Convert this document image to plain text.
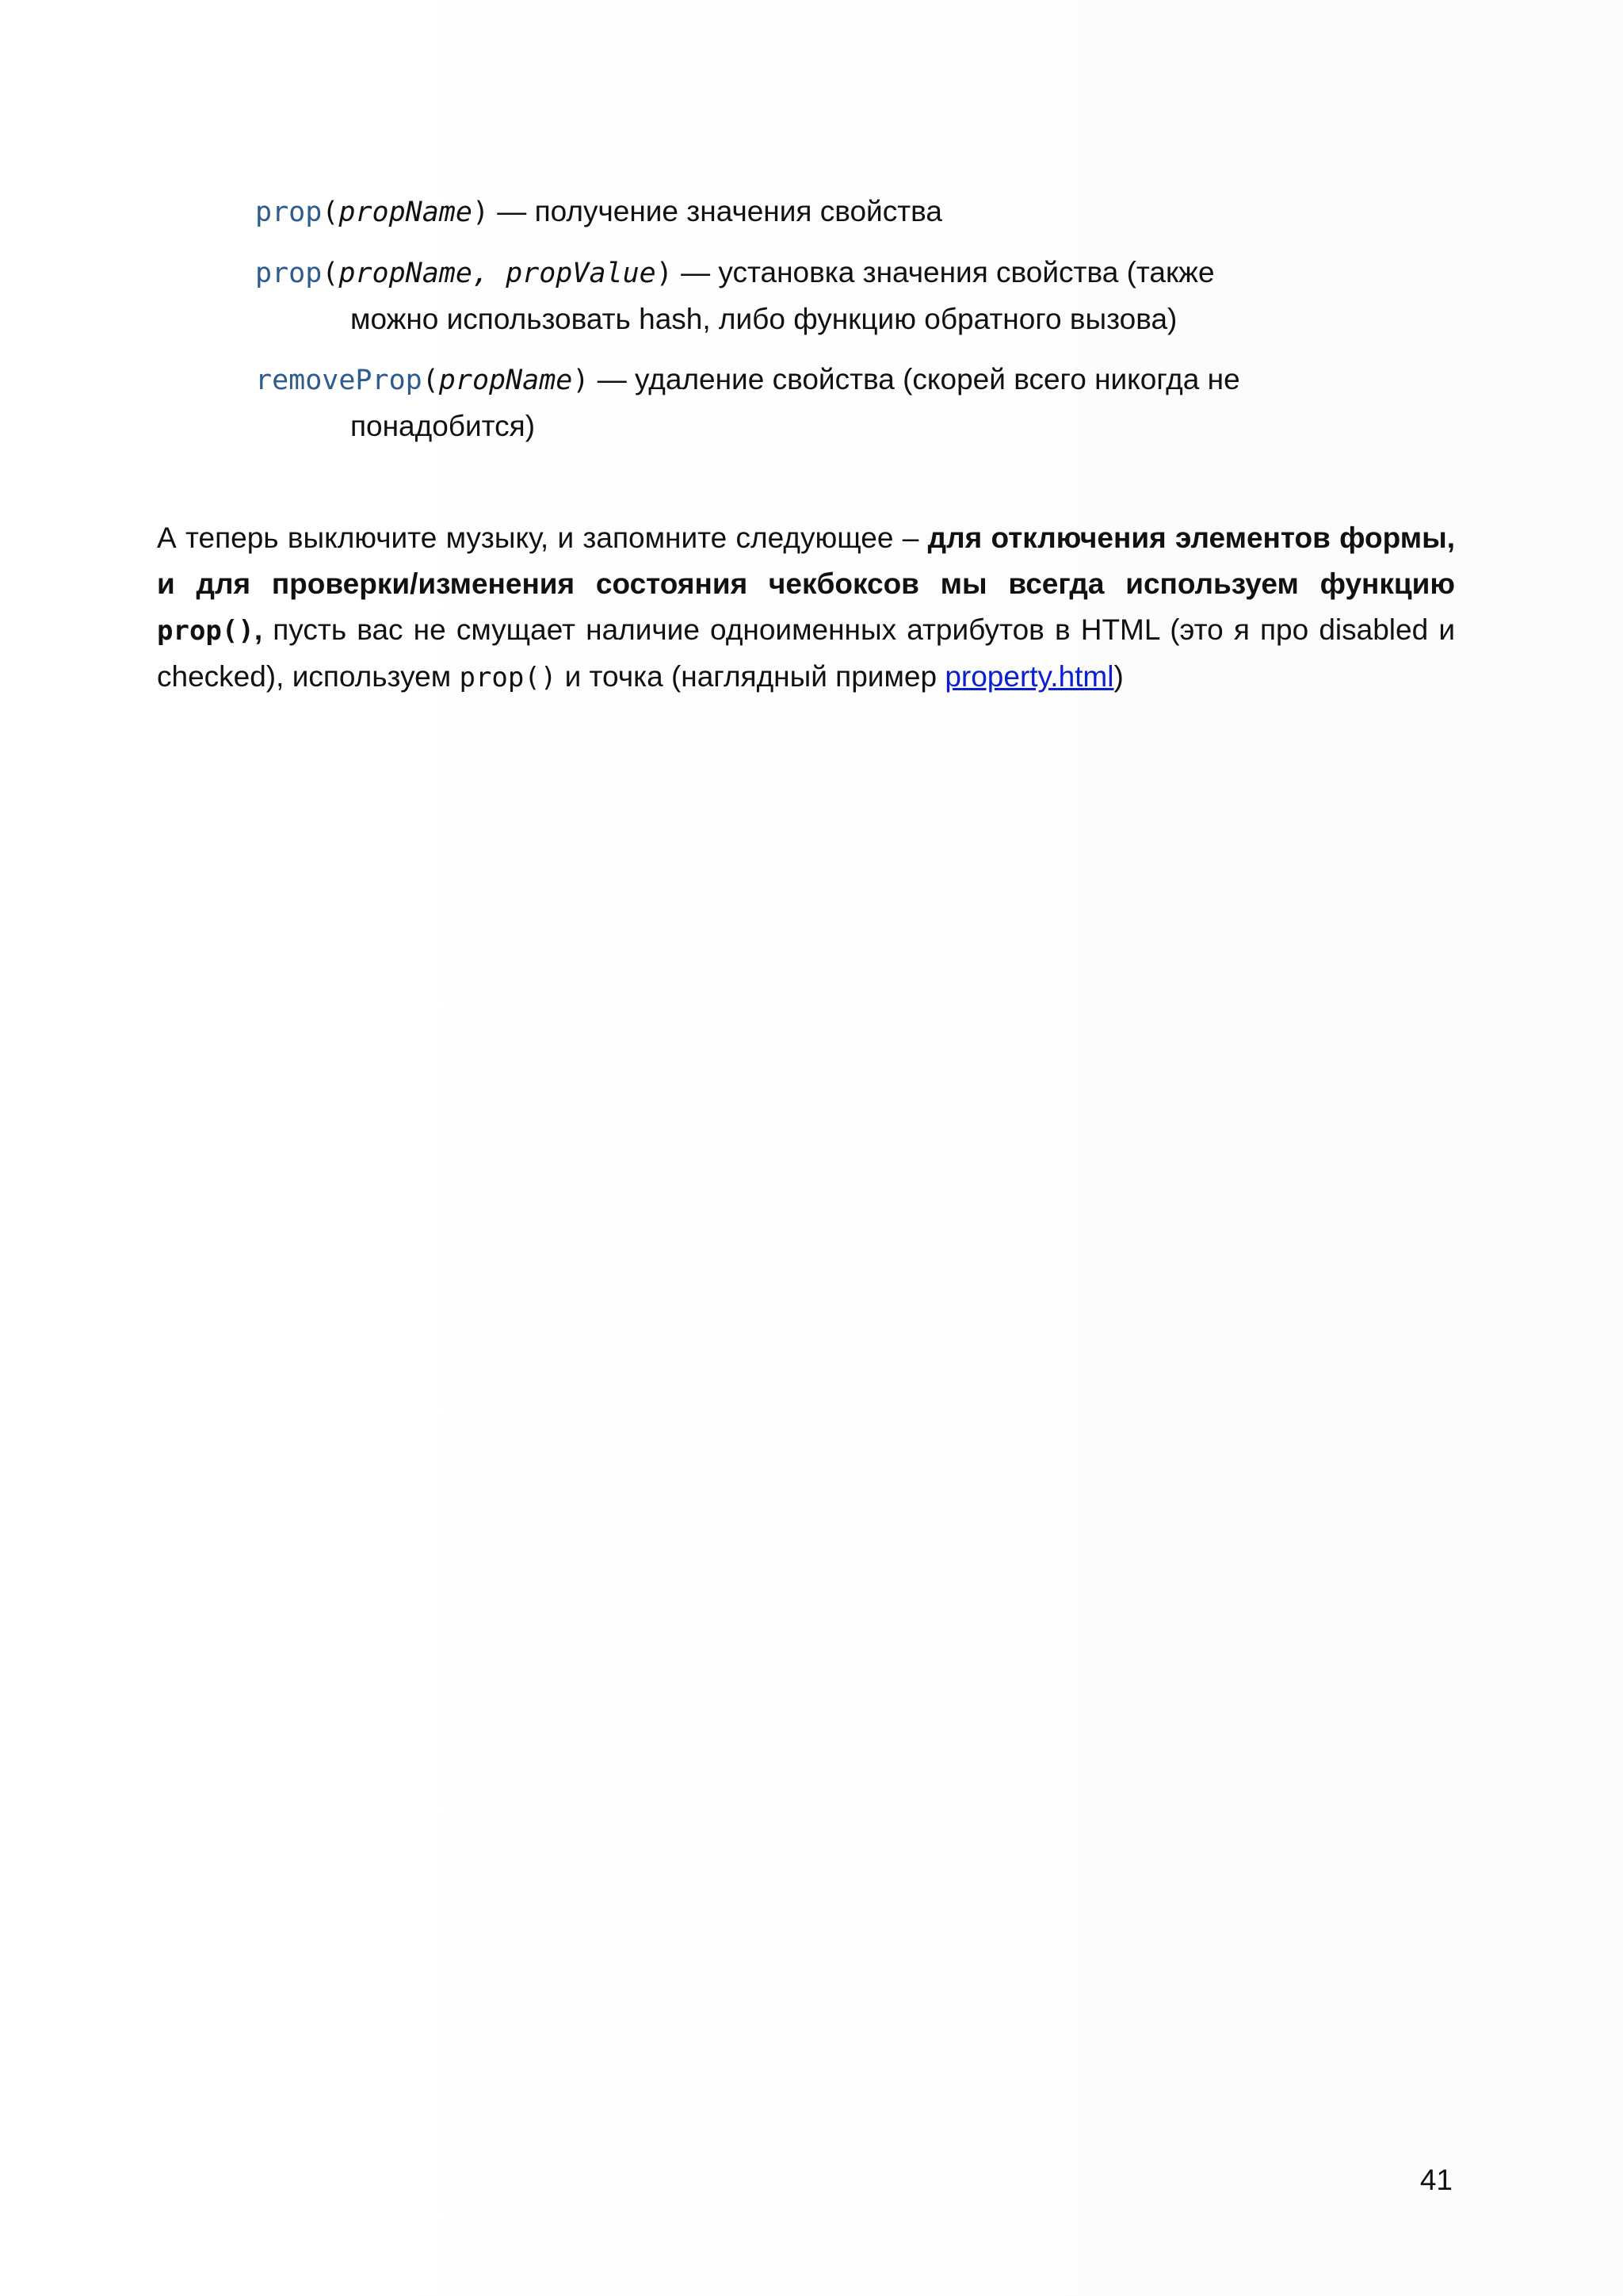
prop(propName) — получение значения свойства
prop(propName, propValue) — установка значения свойства (также
можно использовать hash, либо функцию обратного вызова)
removeProp(propName) — удаление свойства (скорей всего никогда не
понадобится)
А теперь выключите музыку, и запомните следующее – для отключения элементов формы, и для проверки/изменения состояния чекбоксов мы всегда используем функцию prop(), пусть вас не смущает наличие одноименных атрибутов в HTML (это я про disabled и checked), используем prop() и точка (наглядный пример property.html)
41
